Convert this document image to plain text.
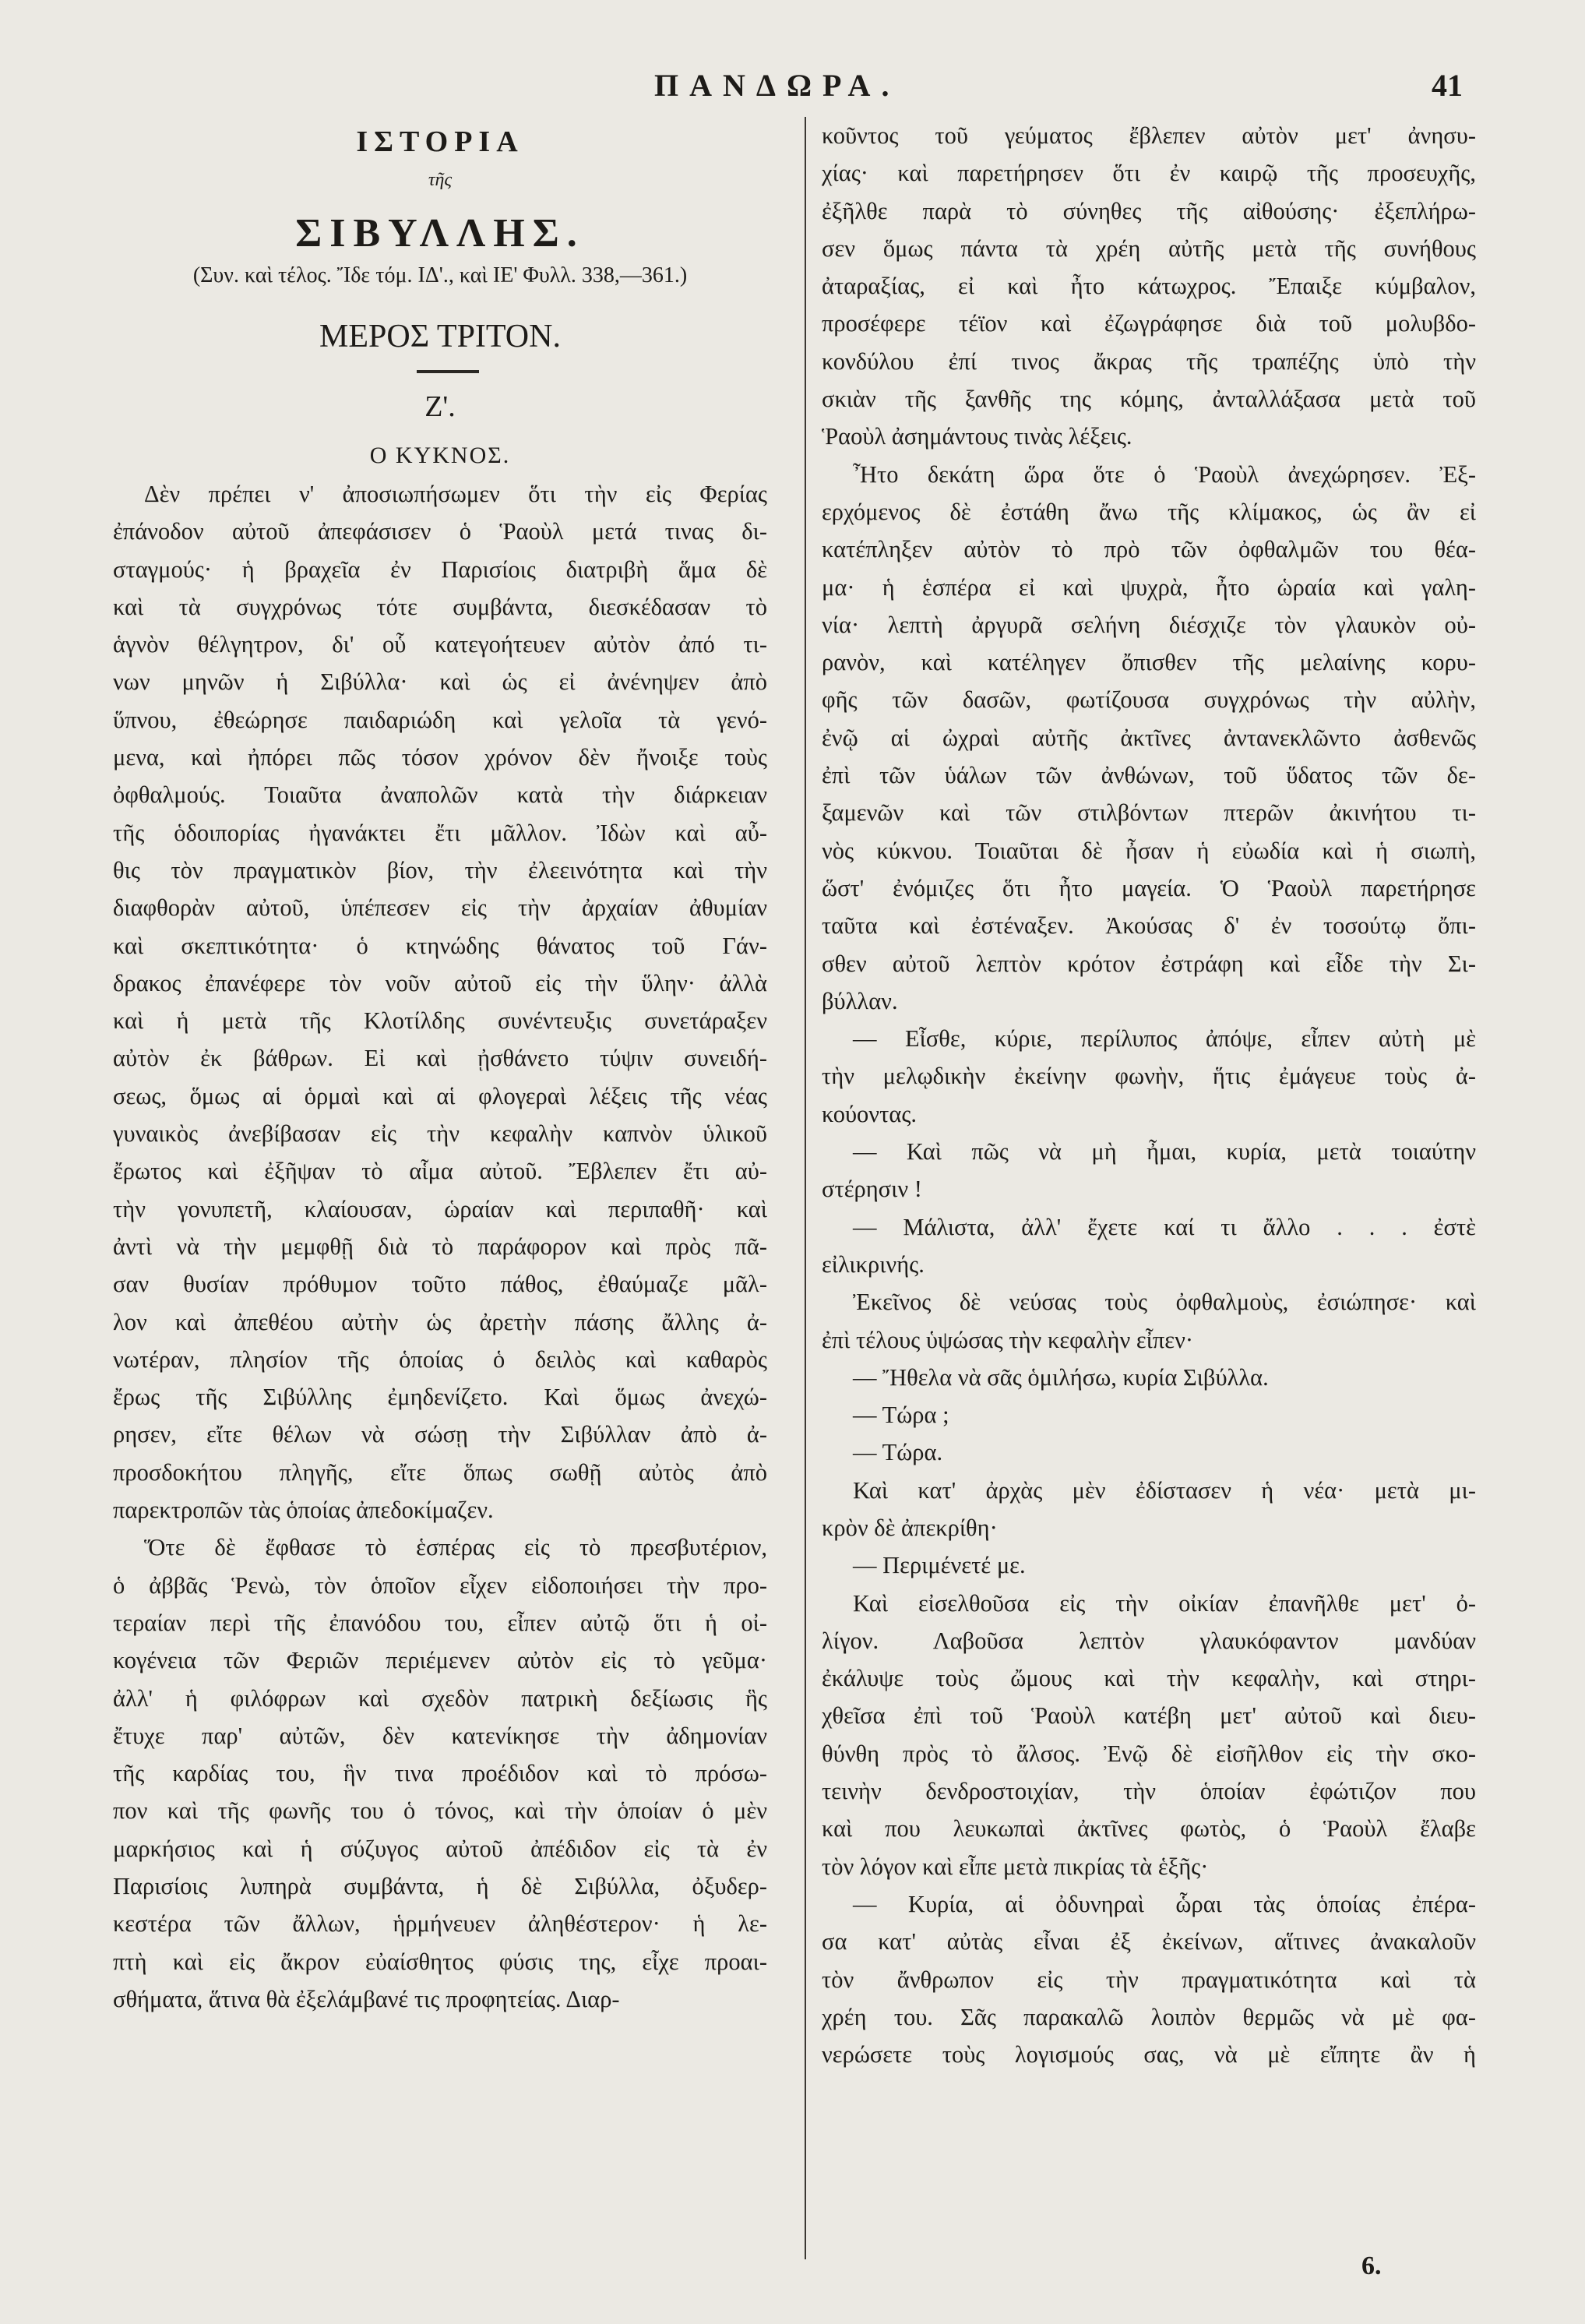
ΠΑΝΔΩΡΑ.	41
ΙΣΤΟΡΙΑ
τῆς
ΣΙΒΥΛΛΗΣ.
(Συν. καὶ τέλος. Ἴδε τόμ. ΙΔ'., καὶ ΙΕ' Φυλλ. 338,—361.)
ΜΕΡΟΣ ΤΡΙΤΟΝ.
Ζ'.
Ο ΚΥΚΝΟΣ.
Δὲν πρέπει ν' ἀποσιωπήσωμεν ὅτι τὴν εἰς Φερίας
ἐπάνοδον αὐτοῦ ἀπεφάσισεν ὁ Ῥαοὺλ μετά τινας δι-
σταγμούς· ἡ βραχεῖα ἐν Παρισίοις διατριβὴ ἅμα δὲ
καὶ τὰ συγχρόνως τότε συμβάντα, διεσκέδασαν τὸ
ἁγνὸν θέλγητρον, δι' οὗ κατεγοήτευεν αὐτὸν ἀπό τι-
νων μηνῶν ἡ Σιβύλλα· καὶ ὡς εἰ ἀνένηψεν ἀπὸ
ὕπνου, ἐθεώρησε παιδαριώδη καὶ γελοῖα τὰ γενό-
μενα, καὶ ἠπόρει πῶς τόσον χρόνον δὲν ἤνοιξε τοὺς
ὀφθαλμούς. Τοιαῦτα ἀναπολῶν κατὰ τὴν διάρκειαν
τῆς ὁδοιπορίας ἠγανάκτει ἔτι μᾶλλον. Ἰδὼν καὶ αὖ-
θις τὸν πραγματικὸν βίον, τὴν ἐλεεινότητα καὶ τὴν
διαφθορὰν αὐτοῦ, ὑπέπεσεν εἰς τὴν ἀρχαίαν ἀθυμίαν
καὶ σκεπτικότητα· ὁ κτηνώδης θάνατος τοῦ Γάν-
δρακος ἐπανέφερε τὸν νοῦν αὐτοῦ εἰς τὴν ὕλην· ἀλλὰ
καὶ ἡ μετὰ τῆς Κλοτίλδης συνέντευξις συνετάραξεν
αὐτὸν ἐκ βάθρων. Εἰ καὶ ᾐσθάνετο τύψιν συνειδή-
σεως, ὅμως αἱ ὁρμαὶ καὶ αἱ φλογεραὶ λέξεις τῆς νέας
γυναικὸς ἀνεβίβασαν εἰς τὴν κεφαλὴν καπνὸν ὑλικοῦ
ἔρωτος καὶ ἐξῆψαν τὸ αἷμα αὐτοῦ. Ἔβλεπεν ἔτι αὐ-
τὴν γονυπετῆ, κλαίουσαν, ὡραίαν καὶ περιπαθῆ· καὶ
ἀντὶ νὰ τὴν μεμφθῇ διὰ τὸ παράφορον καὶ πρὸς πᾶ-
σαν θυσίαν πρόθυμον τοῦτο πάθος, ἐθαύμαζε μᾶλ-
λον καὶ ἀπεθέου αὐτὴν ὡς ἀρετὴν πάσης ἄλλης ἀ-
νωτέραν, πλησίον τῆς ὁποίας ὁ δειλὸς καὶ καθαρὸς
ἔρως τῆς Σιβύλλης ἐμηδενίζετο. Καὶ ὅμως ἀνεχώ-
ρησεν, εἴτε θέλων νὰ σώσῃ τὴν Σιβύλλαν ἀπὸ ἀ-
προσδοκήτου πληγῆς, εἴτε ὅπως σωθῇ αὐτὸς ἀπὸ
παρεκτροπῶν τὰς ὁποίας ἀπεδοκίμαζεν.
Ὅτε δὲ ἔφθασε τὸ ἑσπέρας εἰς τὸ πρεσβυτέριον,
ὁ ἀββᾶς Ῥενὼ, τὸν ὁποῖον εἶχεν εἰδοποιήσει τὴν προ-
τεραίαν περὶ τῆς ἐπανόδου του, εἶπεν αὐτῷ ὅτι ἡ οἰ-
κογένεια τῶν Φεριῶν περιέμενεν αὐτὸν εἰς τὸ γεῦμα·
ἀλλ' ἡ φιλόφρων καὶ σχεδὸν πατρικὴ δεξίωσις ἣς
ἔτυχε παρ' αὐτῶν, δὲν κατενίκησε τὴν ἀδημονίαν
τῆς καρδίας του, ἣν τινα προέδιδον καὶ τὸ πρόσω-
πον καὶ τῆς φωνῆς του ὁ τόνος, καὶ τὴν ὁποίαν ὁ μὲν
μαρκήσιος καὶ ἡ σύζυγος αὐτοῦ ἀπέδιδον εἰς τὰ ἐν
Παρισίοις λυπηρὰ συμβάντα, ἡ δὲ Σιβύλλα, ὀξυδερ-
κεστέρα τῶν ἄλλων, ἡρμήνευεν ἀληθέστερον· ἡ λε-
πτὴ καὶ εἰς ἄκρον εὐαίσθητος φύσις της, εἶχε προαι-
σθήματα, ἅτινα θὰ ἐξελάμβανέ τις προφητείας. Διαρ-
κοῦντος τοῦ γεύματος ἔβλεπεν αὐτὸν μετ' ἀνησυ-
χίας· καὶ παρετήρησεν ὅτι ἐν καιρῷ τῆς προσευχῆς,
ἐξῆλθε παρὰ τὸ σύνηθες τῆς αἰθούσης· ἐξεπλήρω-
σεν ὅμως πάντα τὰ χρέη αὐτῆς μετὰ τῆς συνήθους
ἀταραξίας, εἰ καὶ ἦτο κάτωχρος. Ἔπαιξε κύμβαλον,
προσέφερε τέϊον καὶ ἐζωγράφησε διὰ τοῦ μολυβδο-
κονδύλου ἐπί τινος ἄκρας τῆς τραπέζης ὑπὸ τὴν
σκιὰν τῆς ξανθῆς της κόμης, ἀνταλλάξασα μετὰ τοῦ
Ῥαοὺλ ἀσημάντους τινὰς λέξεις.
Ἦτο δεκάτη ὥρα ὅτε ὁ Ῥαοὺλ ἀνεχώρησεν. Ἐξ-
ερχόμενος δὲ ἐστάθη ἄνω τῆς κλίμακος, ὡς ἂν εἰ
κατέπληξεν αὐτὸν τὸ πρὸ τῶν ὀφθαλμῶν του θέα-
μα· ἡ ἑσπέρα εἰ καὶ ψυχρὰ, ἦτο ὡραία καὶ γαλη-
νία· λεπτὴ ἀργυρᾶ σελήνη διέσχιζε τὸν γλαυκὸν οὐ-
ρανὸν, καὶ κατέληγεν ὄπισθεν τῆς μελαίνης κορυ-
φῆς τῶν δασῶν, φωτίζουσα συγχρόνως τὴν αὐλὴν,
ἐνῷ αἱ ὠχραὶ αὐτῆς ἀκτῖνες ἀντανεκλῶντο ἀσθενῶς
ἐπὶ τῶν ὑάλων τῶν ἀνθώνων, τοῦ ὕδατος τῶν δε-
ξαμενῶν καὶ τῶν στιλβόντων πτερῶν ἀκινήτου τι-
νὸς κύκνου. Τοιαῦται δὲ ἦσαν ἡ εὐωδία καὶ ἡ σιωπὴ,
ὥστ' ἐνόμιζες ὅτι ἦτο μαγεία. Ὁ Ῥαοὺλ παρετήρησε
ταῦτα καὶ ἐστέναξεν. Ἀκούσας δ' ἐν τοσούτῳ ὄπι-
σθεν αὐτοῦ λεπτὸν κρότον ἐστράφη καὶ εἶδε τὴν Σι-
βύλλαν.
— Εἶσθε, κύριε, περίλυπος ἀπόψε, εἶπεν αὐτὴ μὲ
τὴν μελῳδικὴν ἐκείνην φωνὴν, ἥτις ἐμάγευε τοὺς ἀ-
κούοντας.
— Καὶ πῶς νὰ μὴ ἦμαι, κυρία, μετὰ τοιαύτην
στέρησιν !
— Μάλιστα, ἀλλ' ἔχετε καί τι ἄλλο . . . ἐστὲ
εἰλικρινής.
Ἐκεῖνος δὲ νεύσας τοὺς ὀφθαλμοὺς, ἐσιώπησε· καὶ
ἐπὶ τέλους ὑψώσας τὴν κεφαλὴν εἶπεν·
— Ἤθελα νὰ σᾶς ὁμιλήσω, κυρία Σιβύλλα.
— Τώρα ;
— Τώρα.
Καὶ κατ' ἀρχὰς μὲν ἐδίστασεν ἡ νέα· μετὰ μι-
κρὸν δὲ ἀπεκρίθη·
— Περιμένετέ με.
Καὶ εἰσελθοῦσα εἰς τὴν οἰκίαν ἐπανῆλθε μετ' ὀ-
λίγον. Λαβοῦσα λεπτὸν γλαυκόφαντον μανδύαν
ἐκάλυψε τοὺς ὤμους καὶ τὴν κεφαλὴν, καὶ στηρι-
χθεῖσα ἐπὶ τοῦ Ῥαοὺλ κατέβη μετ' αὐτοῦ καὶ διευ-
θύνθη πρὸς τὸ ἄλσος. Ἐνῷ δὲ εἰσῆλθον εἰς τὴν σκο-
τεινὴν δενδροστοιχίαν, τὴν ὁποίαν ἐφώτιζον που
καὶ που λευκωπαὶ ἀκτῖνες φωτὸς, ὁ Ῥαοὺλ ἔλαβε
τὸν λόγον καὶ εἶπε μετὰ πικρίας τὰ ἑξῆς·
— Κυρία, αἱ ὀδυνηραὶ ὧραι τὰς ὁποίας ἐπέρα-
σα κατ' αὐτὰς εἶναι ἐξ ἐκείνων, αἵτινες ἀνακαλοῦν
τὸν ἄνθρωπον εἰς τὴν πραγματικότητα καὶ τὰ
χρέη του. Σᾶς παρακαλῶ λοιπὸν θερμῶς νὰ μὲ φα-
νερώσετε τοὺς λογισμούς σας, νὰ μὲ εἴπητε ἂν ἡ
6.
